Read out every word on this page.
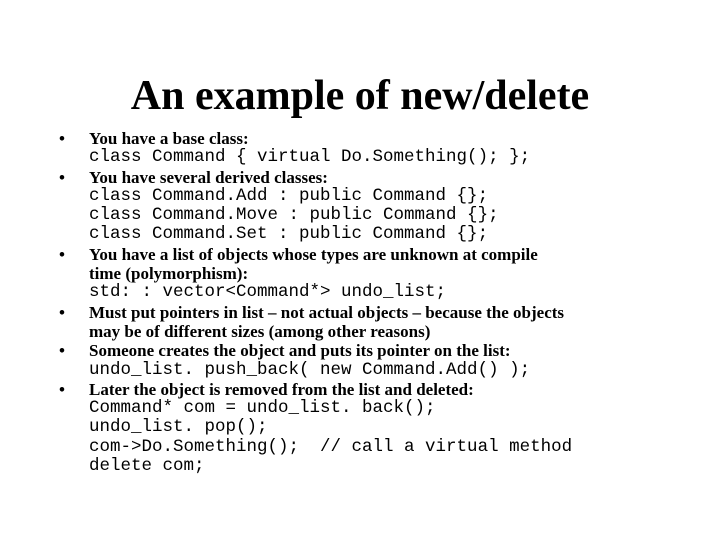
An example of new/delete
• You have a base class:
class Command { virtual Do.Something(); };
• You have several derived classes:
class Command.Add : public Command {};
class Command.Move : public Command {};
class Command.Set : public Command {};
• You have a list of objects whose types are unknown at compile
time (polymorphism):
std: : vector<Command*> undo_list;
• Must put pointers in list – not actual objects – because the objects
may be of different sizes (among other reasons)
• Someone creates the object and puts its pointer on the list:
undo_list. push_back( new Command.Add() );
• Later the object is removed from the list and deleted:
Command* com = undo_list. back();
undo_list. pop();
com->Do.Something();  // call a virtual method
delete com;
